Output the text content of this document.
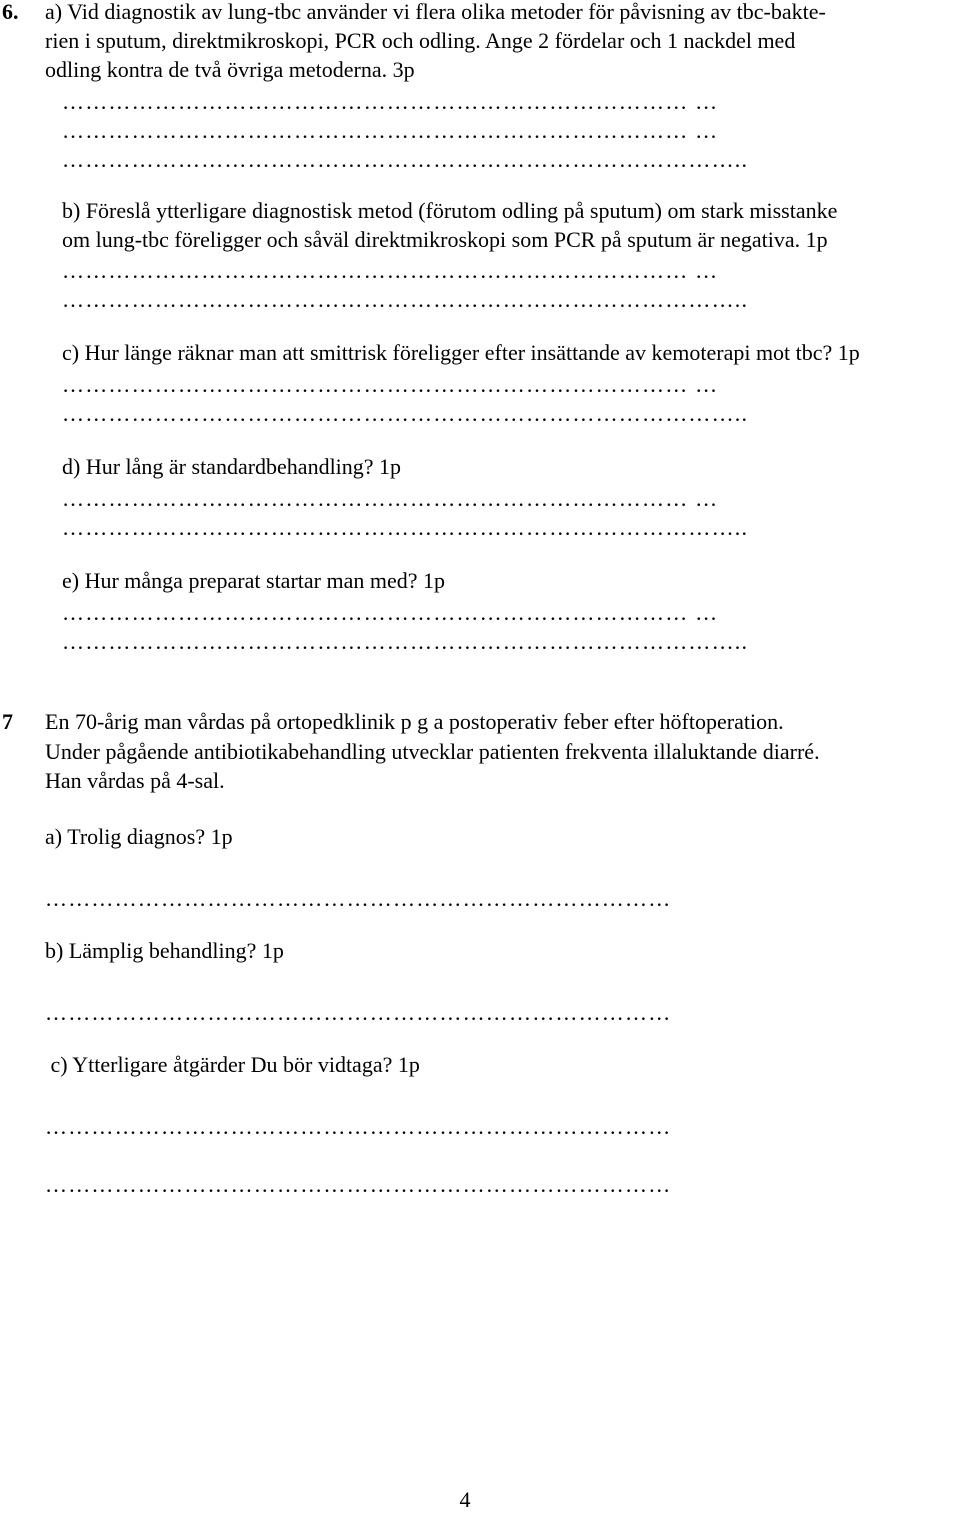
6. a) Vid diagnostik av lung-tbc använder vi flera olika metoder för påvisning av tbc-bakte-
rien i sputum, direktmikroskopi, PCR och odling. Ange 2 fördelar och 1 nackdel med
odling kontra de två övriga metoderna. 3p
……………………………………………………………………… …
……………………………………………………………………… …
……………………………………………………………………………..
b) Föreslå ytterligare diagnostisk metod (förutom odling på sputum) om stark misstanke
om lung-tbc föreligger och såväl direktmikroskopi som PCR på sputum är negativa. 1p
……………………………………………………………………… …
……………………………………………………………………………..
c) Hur länge räknar man att smittrisk föreligger efter insättande av kemoterapi mot tbc? 1p
……………………………………………………………………… …
……………………………………………………………………………..
d) Hur lång är standardbehandling? 1p
……………………………………………………………………… …
……………………………………………………………………………..
e) Hur många preparat startar man med? 1p
……………………………………………………………………… …
……………………………………………………………………………..
7 En 70-årig man vårdas på ortopedklinik p g a postoperativ feber efter höftoperation.
Under pågående antibiotikabehandling utvecklar patienten frekventa illaluktande diarré.
Han vårdas på 4-sal.
a) Trolig diagnos? 1p
………………………………………………………………………
b) Lämplig behandling? 1p
………………………………………………………………………
c) Ytterligare åtgärder Du bör vidtaga? 1p
………………………………………………………………………
………………………………………………………………………
4
